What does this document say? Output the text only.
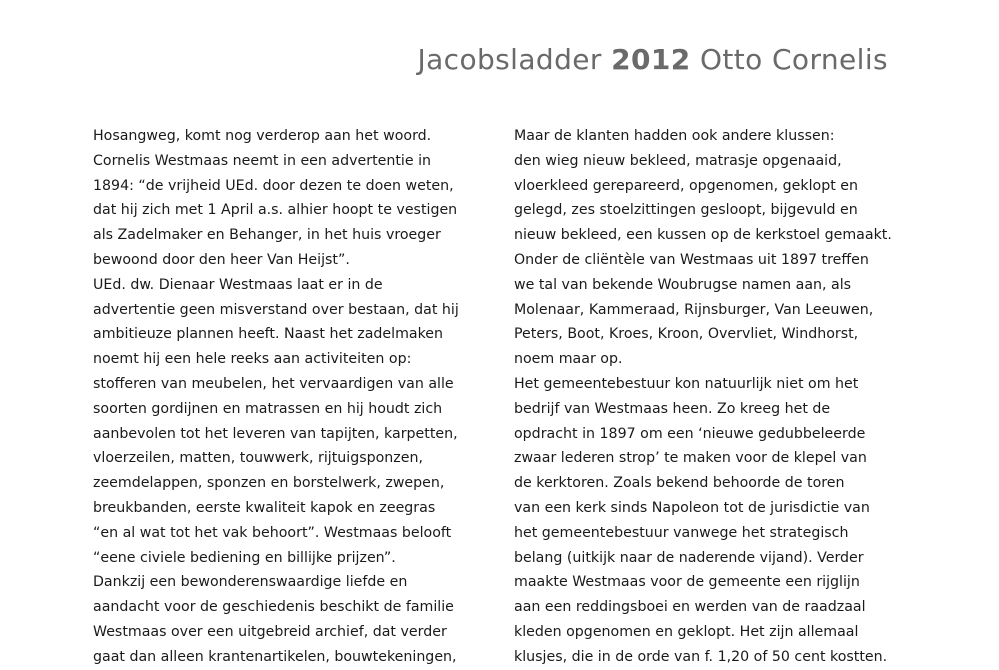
Jacobsladder 2012 Otto Cornelis
Hosangweg, komt nog verderop aan het woord.
Cornelis Westmaas neemt in een advertentie in
1894: “de vrijheid UEd. door dezen te doen weten,
dat hij zich met 1 April a.s. alhier hoopt te vestigen
als Zadelmaker en Behanger, in het huis vroeger
bewoond door den heer Van Heijst”.
UEd. dw. Dienaar Westmaas laat er in de
advertentie geen misverstand over bestaan, dat hij
ambitieuze plannen heeft. Naast het zadelmaken
noemt hij een hele reeks aan activiteiten op:
stofferen van meubelen, het vervaardigen van alle
soorten gordijnen en matrassen en hij houdt zich
aanbevolen tot het leveren van tapijten, karpetten,
vloerzeilen, matten, touwwerk, rijtuigsponzen,
zeemdelappen, sponzen en borstelwerk, zwepen,
breukbanden, eerste kwaliteit kapok en zeegras
“en al wat tot het vak behoort”. Westmaas belooft
“eene civiele bediening en billijke prijzen”.
Dankzij een bewonderenswaardige liefde en
aandacht voor de geschiedenis beschikt de familie
Westmaas over een uitgebreid archief, dat verder
gaat dan alleen krantenartikelen, bouwtekeningen,
Maar de klanten hadden ook andere klussen:
den wieg nieuw bekleed, matrasje opgenaaid,
vloerkleed gerepareerd, opgenomen, geklopt en
gelegd, zes stoelzittingen gesloopt, bijgevuld en
nieuw bekleed, een kussen op de kerkstoel gemaakt.
Onder de cliëntèle van Westmaas uit 1897 treffen
we tal van bekende Woubrugse namen aan, als
Molenaar, Kammeraad, Rijnsburger, Van Leeuwen,
Peters, Boot, Kroes, Kroon, Overvliet, Windhorst,
noem maar op.
Het gemeentebestuur kon natuurlijk niet om het
bedrijf van Westmaas heen. Zo kreeg het de
opdracht in 1897 om een ‘nieuwe gedubbeleerde
zwaar lederen strop’ te maken voor de klepel van
de kerktoren. Zoals bekend behoorde de toren
van een kerk sinds Napoleon tot de jurisdictie van
het gemeentebestuur vanwege het strategisch
belang (uitkijk naar de naderende vijand). Verder
maakte Westmaas voor de gemeente een rijglijn
aan een reddingsboei en werden van de raadzaal
kleden opgenomen en geklopt. Het zijn allemaal
klusjes, die in de orde van f. 1,20 of 50 cent kostten.
